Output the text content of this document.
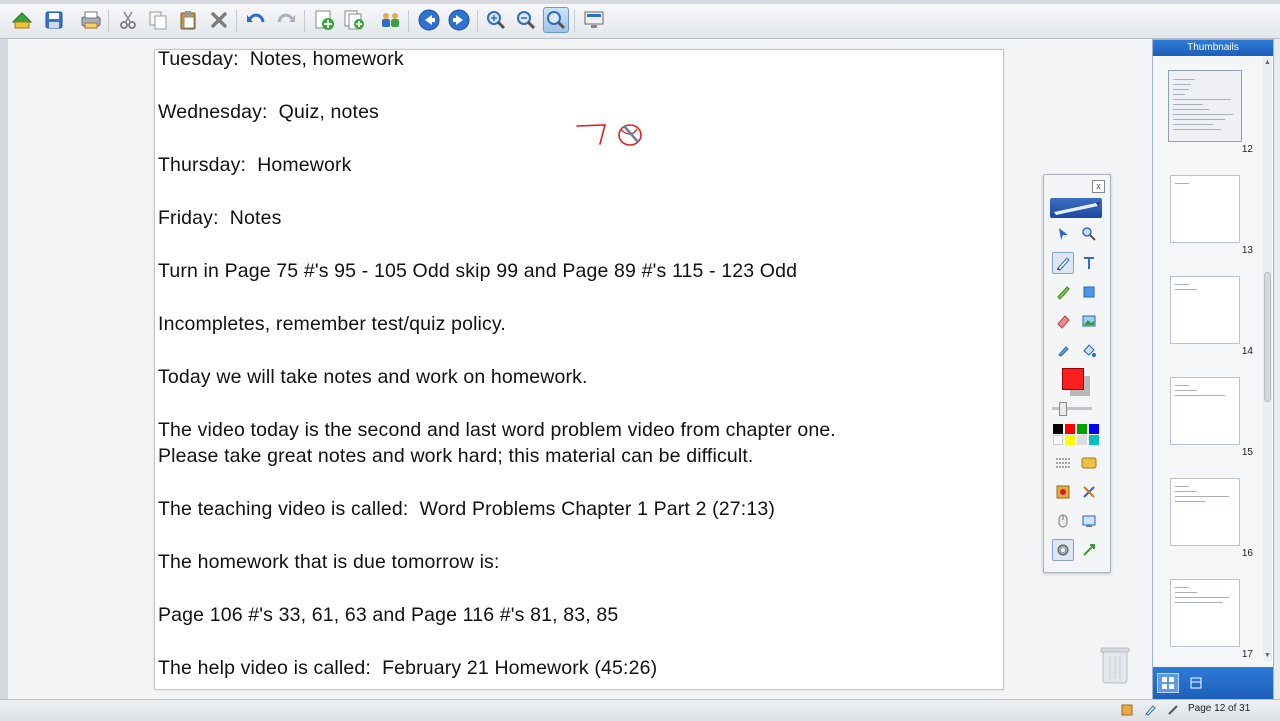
Tuesday:  Notes, homework
Wednesday:  Quiz, notes
Thursday:  Homework
Friday:  Notes
Turn in Page 75 #'s 95 - 105 Odd skip 99 and Page 89 #'s 115 - 123 Odd
Incompletes, remember test/quiz policy.
Today we will take notes and work on homework.
The video today is the second and last word problem video from chapter one.
Please take great notes and work hard; this material can be difficult.
The teaching video is called:  Word Problems Chapter 1 Part 2 (27:13)
The homework that is due tomorrow is:
Page 106 #'s 33, 61, 63 and Page 116 #'s 81, 83, 85
The help video is called:  February 21 Homework (45:26)
x
Thumbnails
12
13
14
15
16
17
▲
▼
Page 12 of 31
